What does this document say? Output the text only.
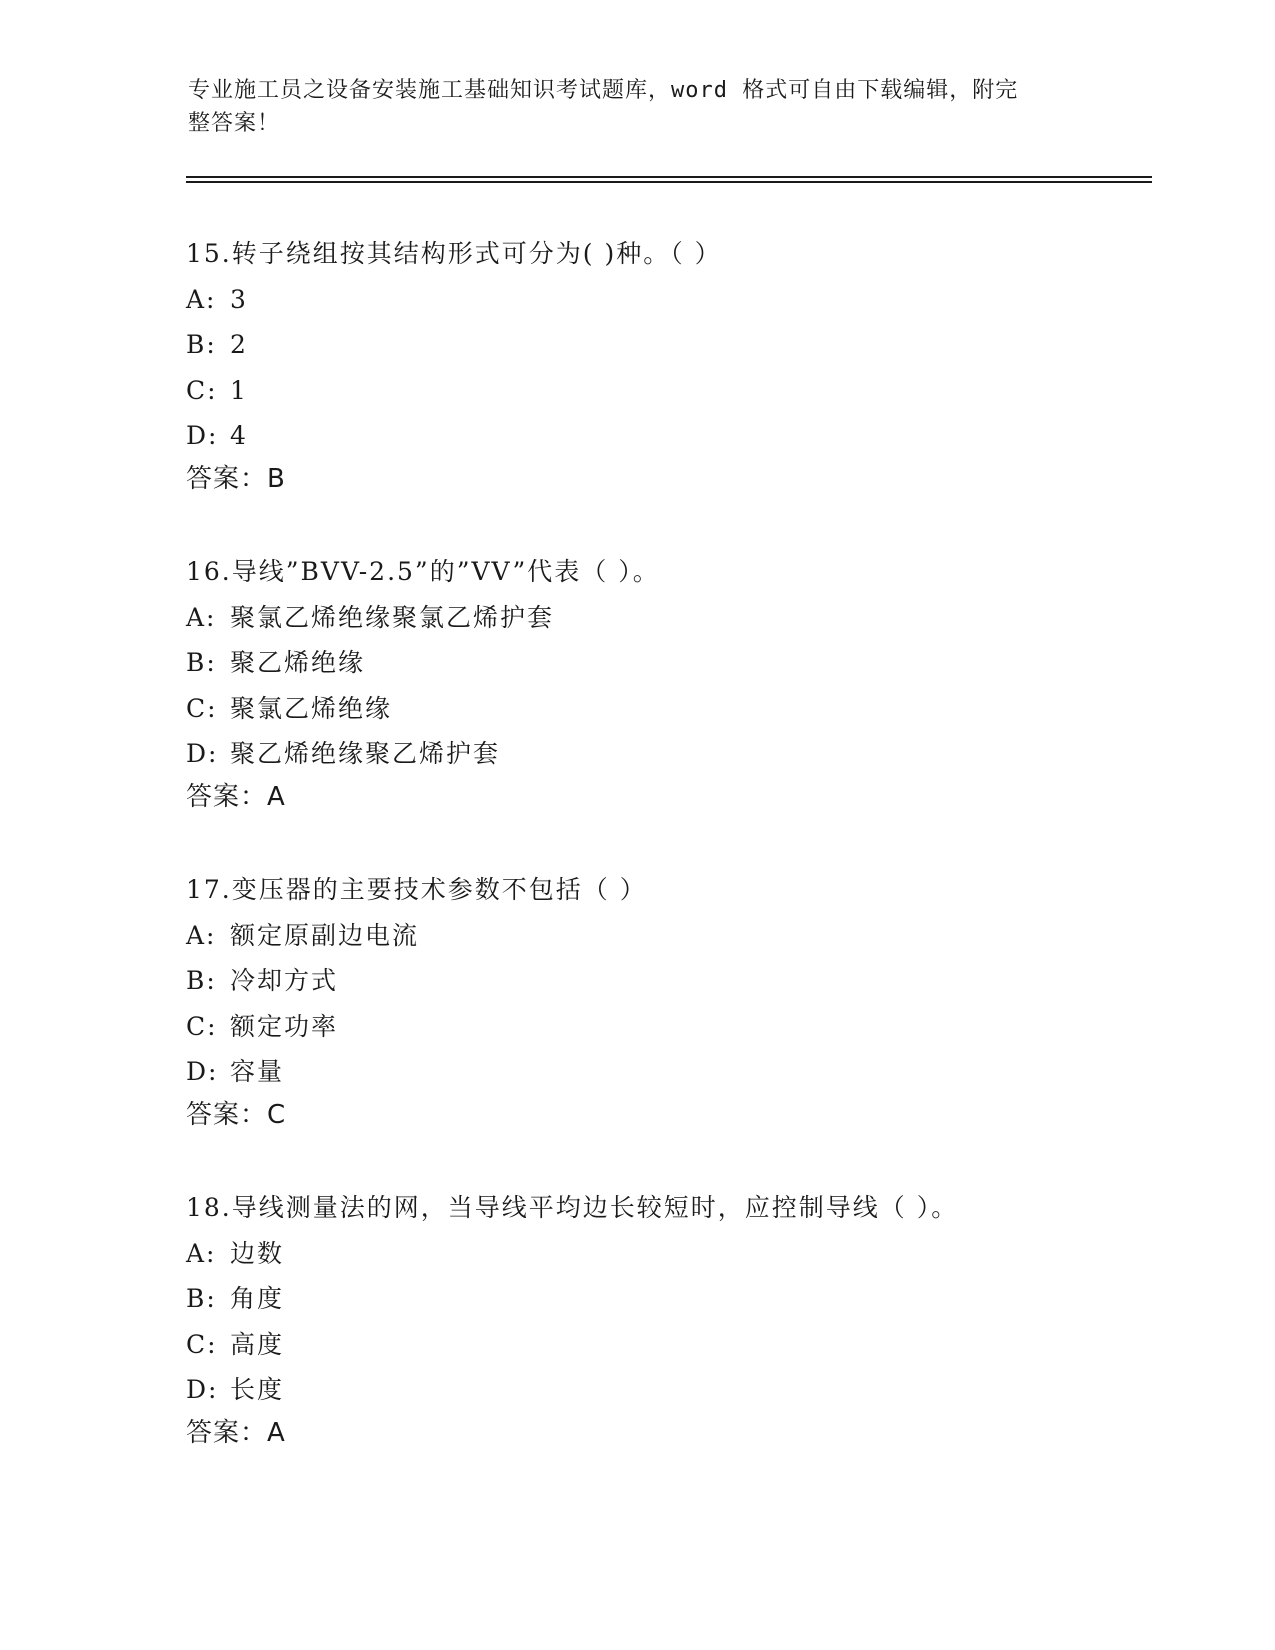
专业施工员之设备安装施工基础知识考试题库，word 格式可自由下载编辑，附完
整答案！
15.转子绕组按其结构形式可分为( )种。（ ）
A: 3
B: 2
C: 1
D: 4
答案：B
16.导线”BVV-2.5”的”VV”代表（ ）。
A: 聚氯乙烯绝缘聚氯乙烯护套
B: 聚乙烯绝缘
C: 聚氯乙烯绝缘
D: 聚乙烯绝缘聚乙烯护套
答案：A
17.变压器的主要技术参数不包括（ ）
A: 额定原副边电流
B: 冷却方式
C: 额定功率
D: 容量
答案：C
18.导线测量法的网，当导线平均边长较短时，应控制导线（ ）。
A: 边数
B: 角度
C: 高度
D: 长度
答案：A
